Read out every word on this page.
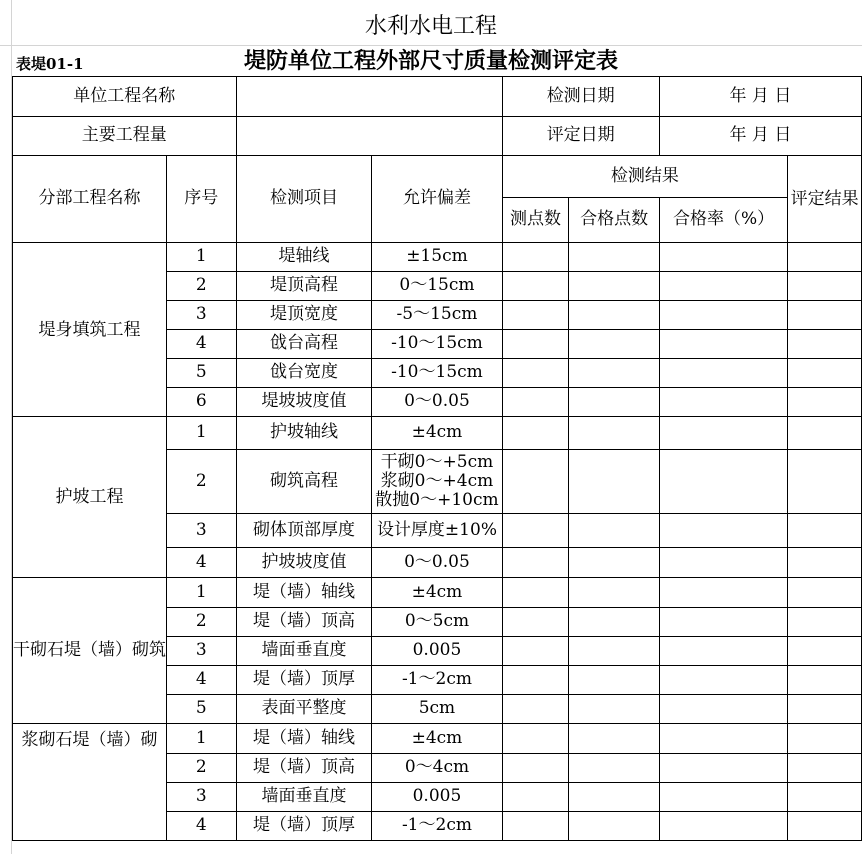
水利水电工程
堤防单位工程外部尺寸质量检测评定表
表堤01-1
单位工程名称				检测日期		年 月 日	
主要工程量				评定日期		年 月 日	
分部工程名称	序号	检测项目	允许偏差	检测结果			评定结果
				测点数	合格点数	合格率（%）	
堤身填筑工程	1	堤轴线	±15cm				
	2	堤顶高程	0～15cm				
	3	堤顶宽度	-5～15cm				
	4	戗台高程	-10～15cm				
	5	戗台宽度	-10～15cm				
	6	堤坡坡度值	0～0.05				
护坡工程	1	护坡轴线	±4cm				
	2	砌筑高程	干砌0～+5cm
浆砌0～+4cm
散抛0～+10cm				

	3	砌体顶部厚度	设计厚度±10%				
	4	护坡坡度值	0～0.05				
干砌石堤（墙）砌筑	1	堤（墙）轴线	±4cm				
	2	堤（墙）顶高	0～5cm				
	3	墙面垂直度	0.005				
	4	堤（墙）顶厚	-1～2cm				
	5	表面平整度	5cm				
浆砌石堤（墙）砌	1	堤（墙）轴线	±4cm				
	2	堤（墙）顶高	0～4cm				
	3	墙面垂直度	0.005				
	4	堤（墙）顶厚	-1～2cm				
